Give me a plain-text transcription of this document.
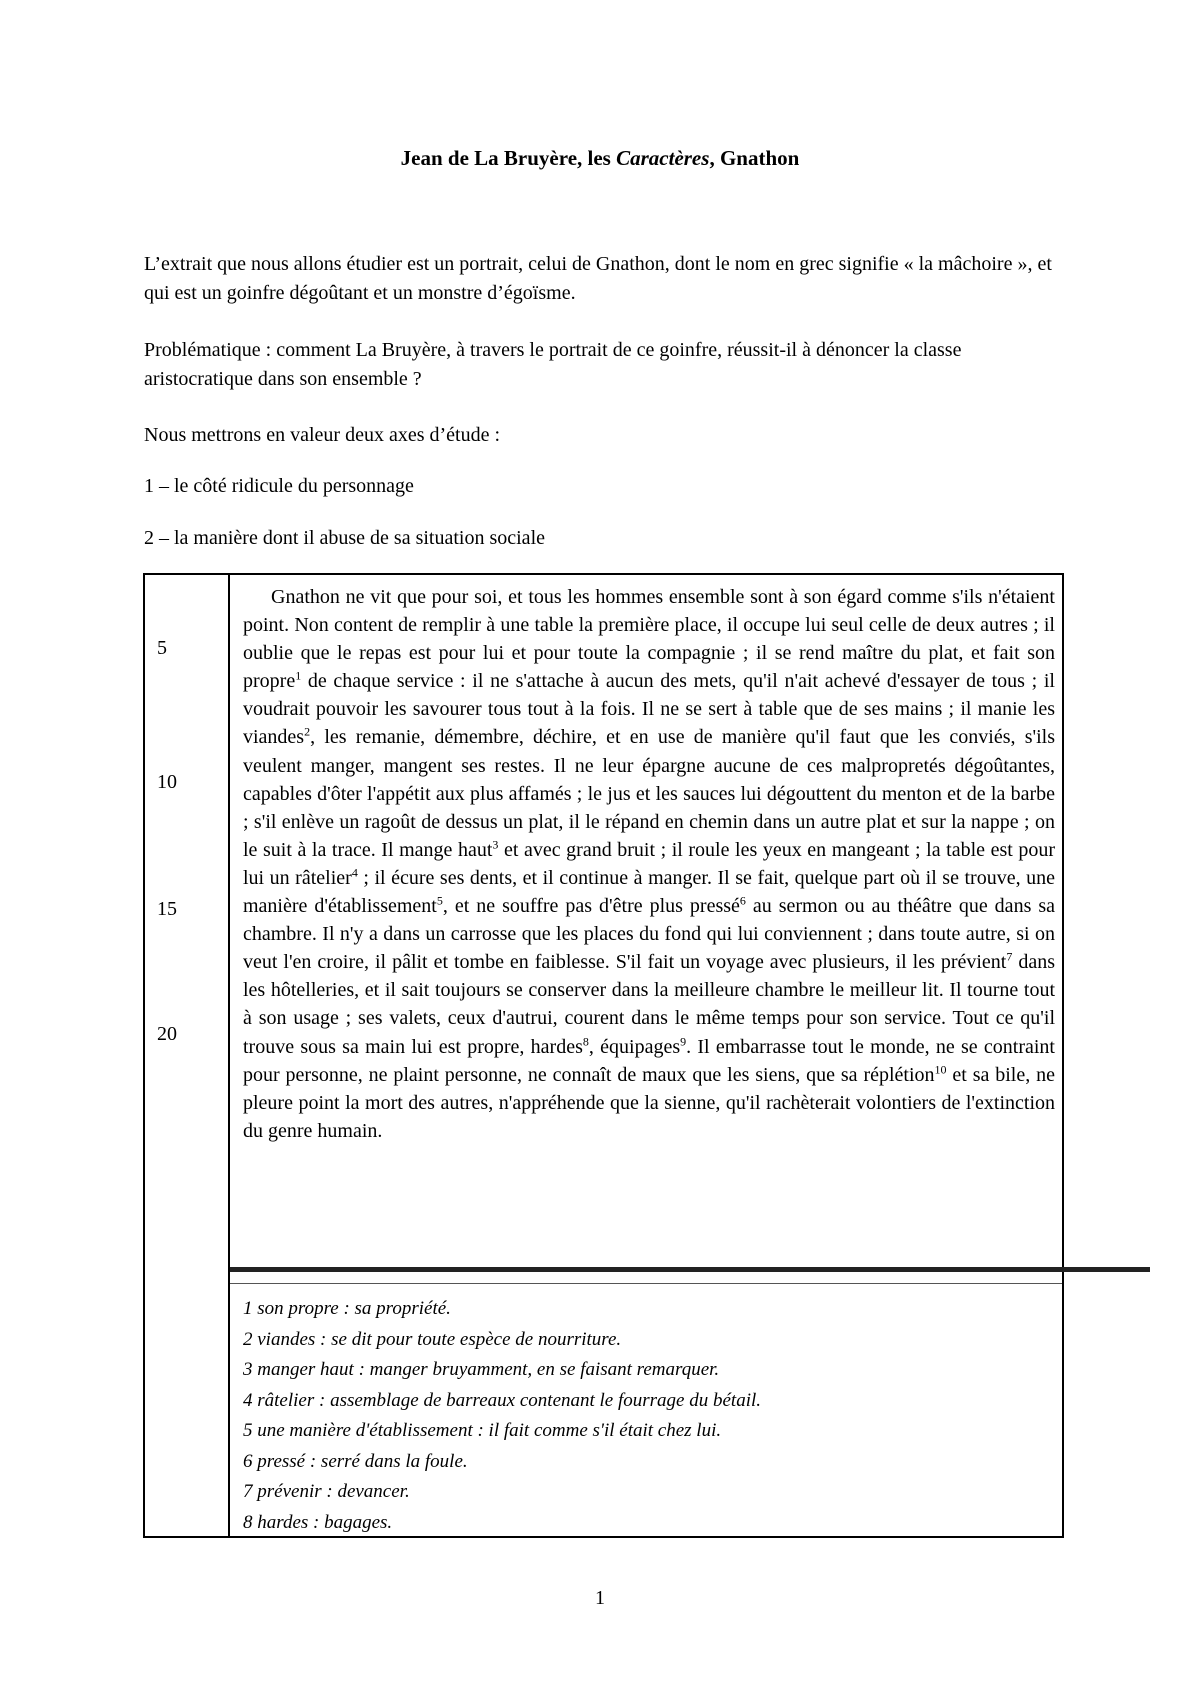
Jean de La Bruyère, les Caractères, Gnathon
L’extrait que nous allons étudier est un portrait, celui de Gnathon, dont le nom en grec signifie « la mâchoire », et qui est un goinfre dégoûtant et un monstre d’égoïsme.
Problématique : comment La Bruyère, à travers le portrait de ce goinfre, réussit-il à dénoncer la classe aristocratique dans son ensemble ?
Nous mettrons en valeur deux axes d’étude :
1 – le côté ridicule du personnage
2 – la manière dont il abuse de sa situation sociale
5
10
15
20
Gnathon ne vit que pour soi, et tous les hommes ensemble sont à son égard comme s'ils n'étaient point. Non content de remplir à une table la première place, il occupe lui seul celle de deux autres ; il oublie que le repas est pour lui et pour toute la compagnie ; il se rend maître du plat, et fait son propre$^1$ de chaque service : il ne s'attache à aucun des mets, qu'il n'ait achevé d'essayer de tous ; il voudrait pouvoir les savourer tous tout à la fois. Il ne se sert à table que de ses mains ; il manie les viandes$^2$, les remanie, démembre, déchire, et en use de manière qu'il faut que les conviés, s'ils veulent manger, mangent ses restes. Il ne leur épargne aucune de ces malpropretés dégoûtantes, capables d'ôter l'appétit aux plus affamés ; le jus et les sauces lui dégouttent du menton et de la barbe ; s'il enlève un ragoût de dessus un plat, il le répand en chemin dans un autre plat et sur la nappe ; on le suit à la trace. Il mange haut$^3$ et avec grand bruit ; il roule les yeux en mangeant ; la table est pour lui un râtelier$^4$ ; il écure ses dents, et il continue à manger. Il se fait, quelque part où il se trouve, une manière d'établissement$^5$, et ne souffre pas d'être plus pressé$^6$ au sermon ou au théâtre que dans sa chambre. Il n'y a dans un carrosse que les places du fond qui lui conviennent ; dans toute autre, si on veut l'en croire, il pâlit et tombe en faiblesse. S'il fait un voyage avec plusieurs, il les prévient$^7$ dans les hôtelleries, et il sait toujours se conserver dans la meilleure chambre le meilleur lit. Il tourne tout à son usage ; ses valets, ceux d'autrui, courent dans le même temps pour son service. Tout ce qu'il trouve sous sa main lui est propre, hardes$^8$, équipages$^9$. Il embarrasse tout le monde, ne se contraint pour personne, ne plaint personne, ne connaît de maux que les siens, que sa réplétion$^{10}$ et sa bile, ne pleure point la mort des autres, n'appréhende que la sienne, qu'il rachèterait volontiers de l'extinction du genre humain.
1 son propre : sa propriété.
2 viandes : se dit pour toute espèce de nourriture.
3 manger haut : manger bruyamment, en se faisant remarquer.
4 râtelier : assemblage de barreaux contenant le fourrage du bétail.
5 une manière d'établissement : il fait comme s'il était chez lui.
6 pressé : serré dans la foule.
7 prévenir : devancer.
8 hardes : bagages.
1
